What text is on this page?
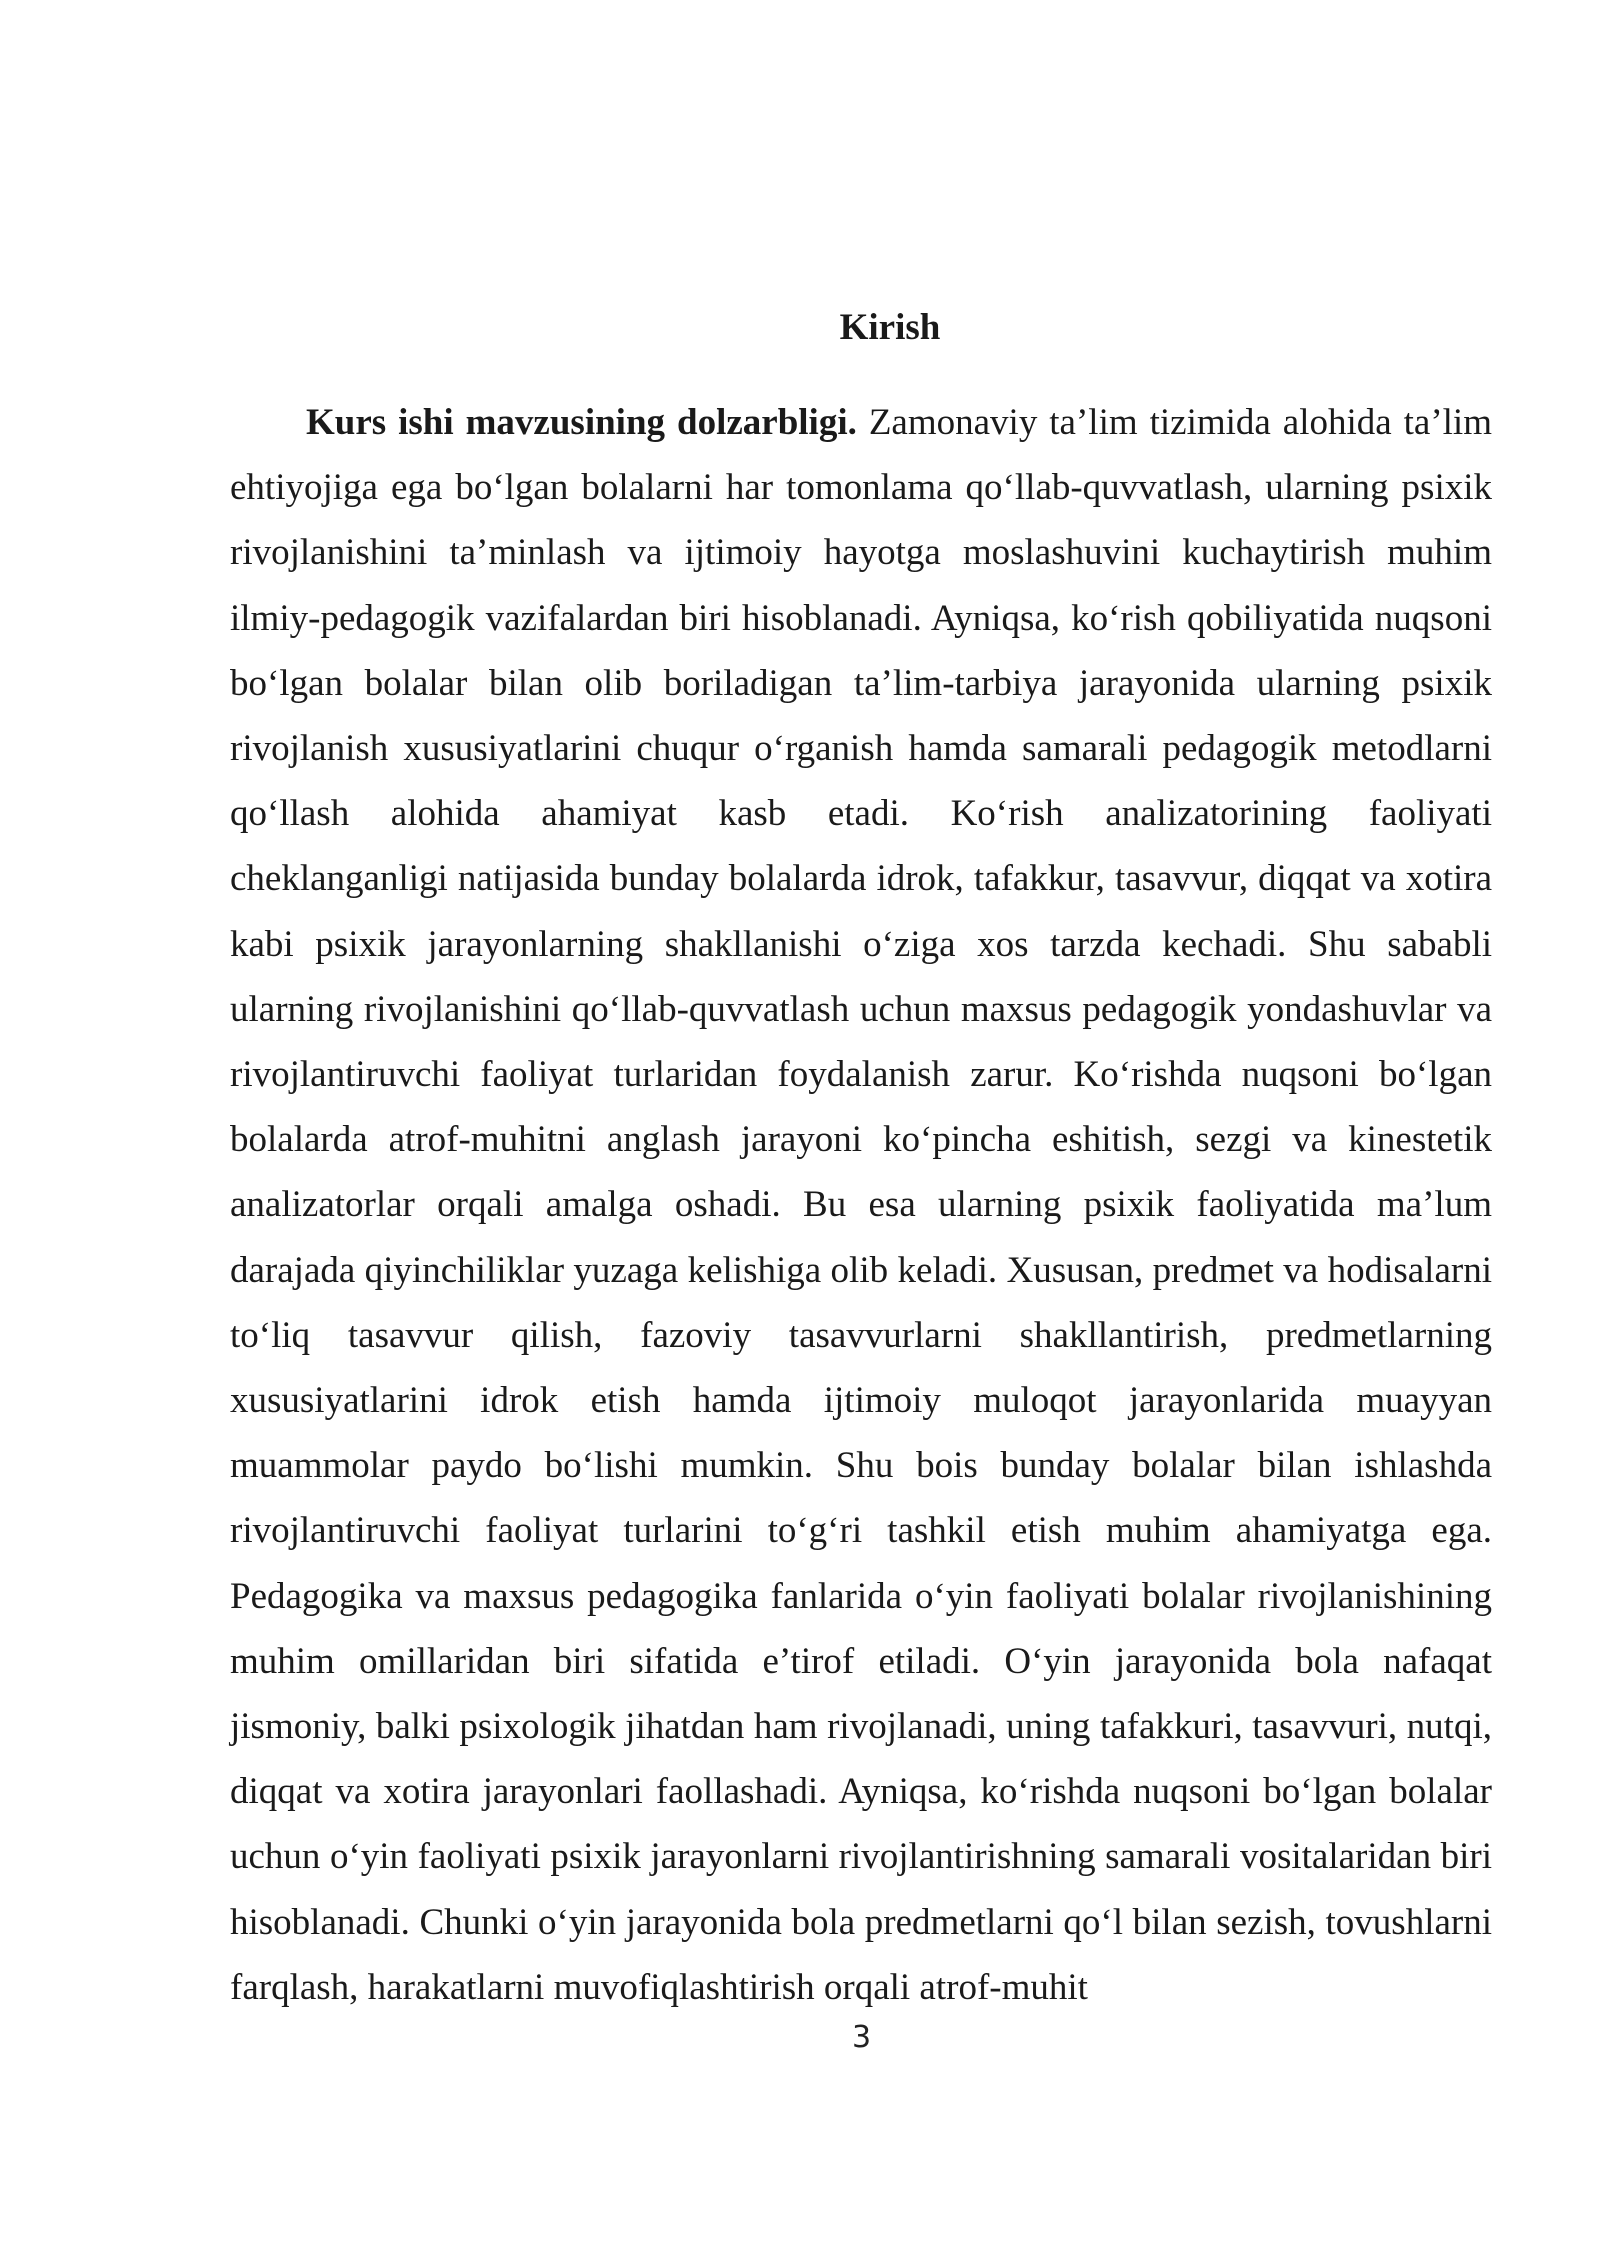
Kirish

Kurs ishi mavzusining dolzarbligi. Zamonaviy ta’lim tizimida alohida ta’lim ehtiyojiga ega bo‘lgan bolalarni har tomonlama qo‘llab-quvvatlash, ularning psixik rivojlanishini ta’minlash va ijtimoiy hayotga moslashuvini kuchaytirish muhim ilmiy-pedagogik vazifalardan biri hisoblanadi. Ayniqsa, ko‘rish qobiliyatida nuqsoni bo‘lgan bolalar bilan olib boriladigan ta’lim-tarbiya jarayonida ularning psixik rivojlanish xususiyatlarini chuqur o‘rganish hamda samarali pedagogik metodlarni qo‘llash alohida ahamiyat kasb etadi. Ko‘rish analizatorining faoliyati cheklanganligi natijasida bunday bolalarda idrok, tafakkur, tasavvur, diqqat va xotira kabi psixik jarayonlarning shakllanishi o‘ziga xos tarzda kechadi. Shu sababli ularning rivojlanishini qo‘llab-quvvatlash uchun maxsus pedagogik yondashuvlar va rivojlantiruvchi faoliyat turlaridan foydalanish zarur. Ko‘rishda nuqsoni bo‘lgan bolalarda atrof-muhitni anglash jarayoni ko‘pincha eshitish, sezgi va kinestetik analizatorlar orqali amalga oshadi. Bu esa ularning psixik faoliyatida ma’lum darajada qiyinchiliklar yuzaga kelishiga olib keladi. Xususan, predmet va hodisalarni to‘liq tasavvur qilish, fazoviy tasavvurlarni shakllantirish, predmetlarning xususiyatlarini idrok etish hamda ijtimoiy muloqot jarayonlarida muayyan muammolar paydo bo‘lishi mumkin. Shu bois bunday bolalar bilan ishlashda rivojlantiruvchi faoliyat turlarini to‘g‘ri tashkil etish muhim ahamiyatga ega. Pedagogika va maxsus pedagogika fanlarida o‘yin faoliyati bolalar rivojlanishining muhim omillaridan biri sifatida e’tirof etiladi. O‘yin jarayonida bola nafaqat jismoniy, balki psixologik jihatdan ham rivojlanadi, uning tafakkuri, tasavvuri, nutqi, diqqat va xotira jarayonlari faollashadi. Ayniqsa, ko‘rishda nuqsoni bo‘lgan bolalar uchun o‘yin faoliyati psixik jarayonlarni rivojlantirishning samarali vositalaridan biri hisoblanadi. Chunki o‘yin jarayonida bola predmetlarni qo‘l bilan sezish, tovushlarni farqlash, harakatlarni muvofiqlashtirish orqali atrof-muhit

3
